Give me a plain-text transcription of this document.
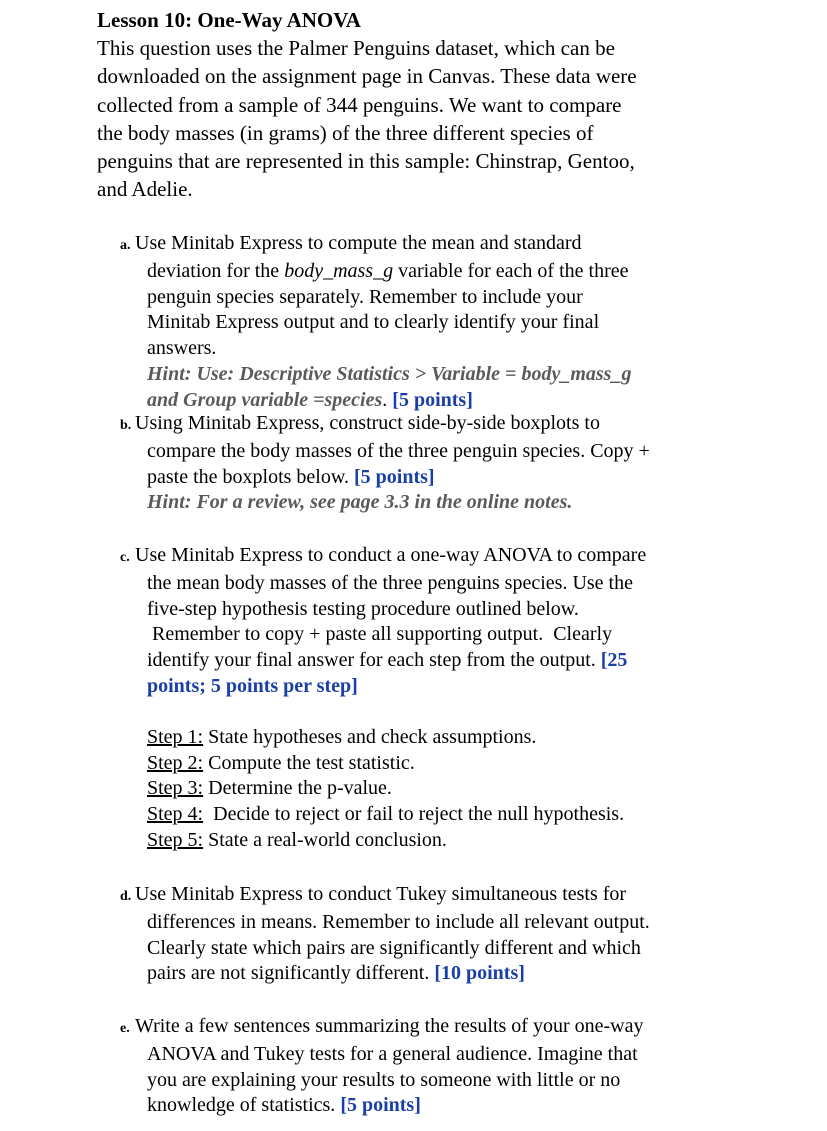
Lesson 10: One-Way ANOVA

This question uses the Palmer Penguins dataset, which can be
downloaded on the assignment page in Canvas. These data were
collected from a sample of 344 penguins. We want to compare
the body masses (in grams) of the three different species of
penguins that are represented in this sample: Chinstrap, Gentoo,
and Adelie.

a. Use Minitab Express to compute the mean and standard
deviation for the body_mass_g variable for each of the three
penguin species separately. Remember to include your
Minitab Express output and to clearly identify your final
answers.
Hint: Use: Descriptive Statistics > Variable = body_mass_g
and Group variable =species. [5 points]
b. Using Minitab Express, construct side-by-side boxplots to
compare the body masses of the three penguin species. Copy +
paste the boxplots below. [5 points]
Hint: For a review, see page 3.3 in the online notes.
c. Use Minitab Express to conduct a one-way ANOVA to compare
the mean body masses of the three penguins species. Use the
five-step hypothesis testing procedure outlined below.
Remember to copy + paste all supporting output.  Clearly
identify your final answer for each step from the output. [25
points; 5 points per step]
Step 1: State hypotheses and check assumptions.
Step 2: Compute the test statistic.
Step 3: Determine the p-value.
Step 4:  Decide to reject or fail to reject the null hypothesis.
Step 5: State a real-world conclusion.
d. Use Minitab Express to conduct Tukey simultaneous tests for
differences in means. Remember to include all relevant output.
Clearly state which pairs are significantly different and which
pairs are not significantly different. [10 points]
e. Write a few sentences summarizing the results of your one-way
ANOVA and Tukey tests for a general audience. Imagine that
you are explaining your results to someone with little or no
knowledge of statistics. [5 points]
